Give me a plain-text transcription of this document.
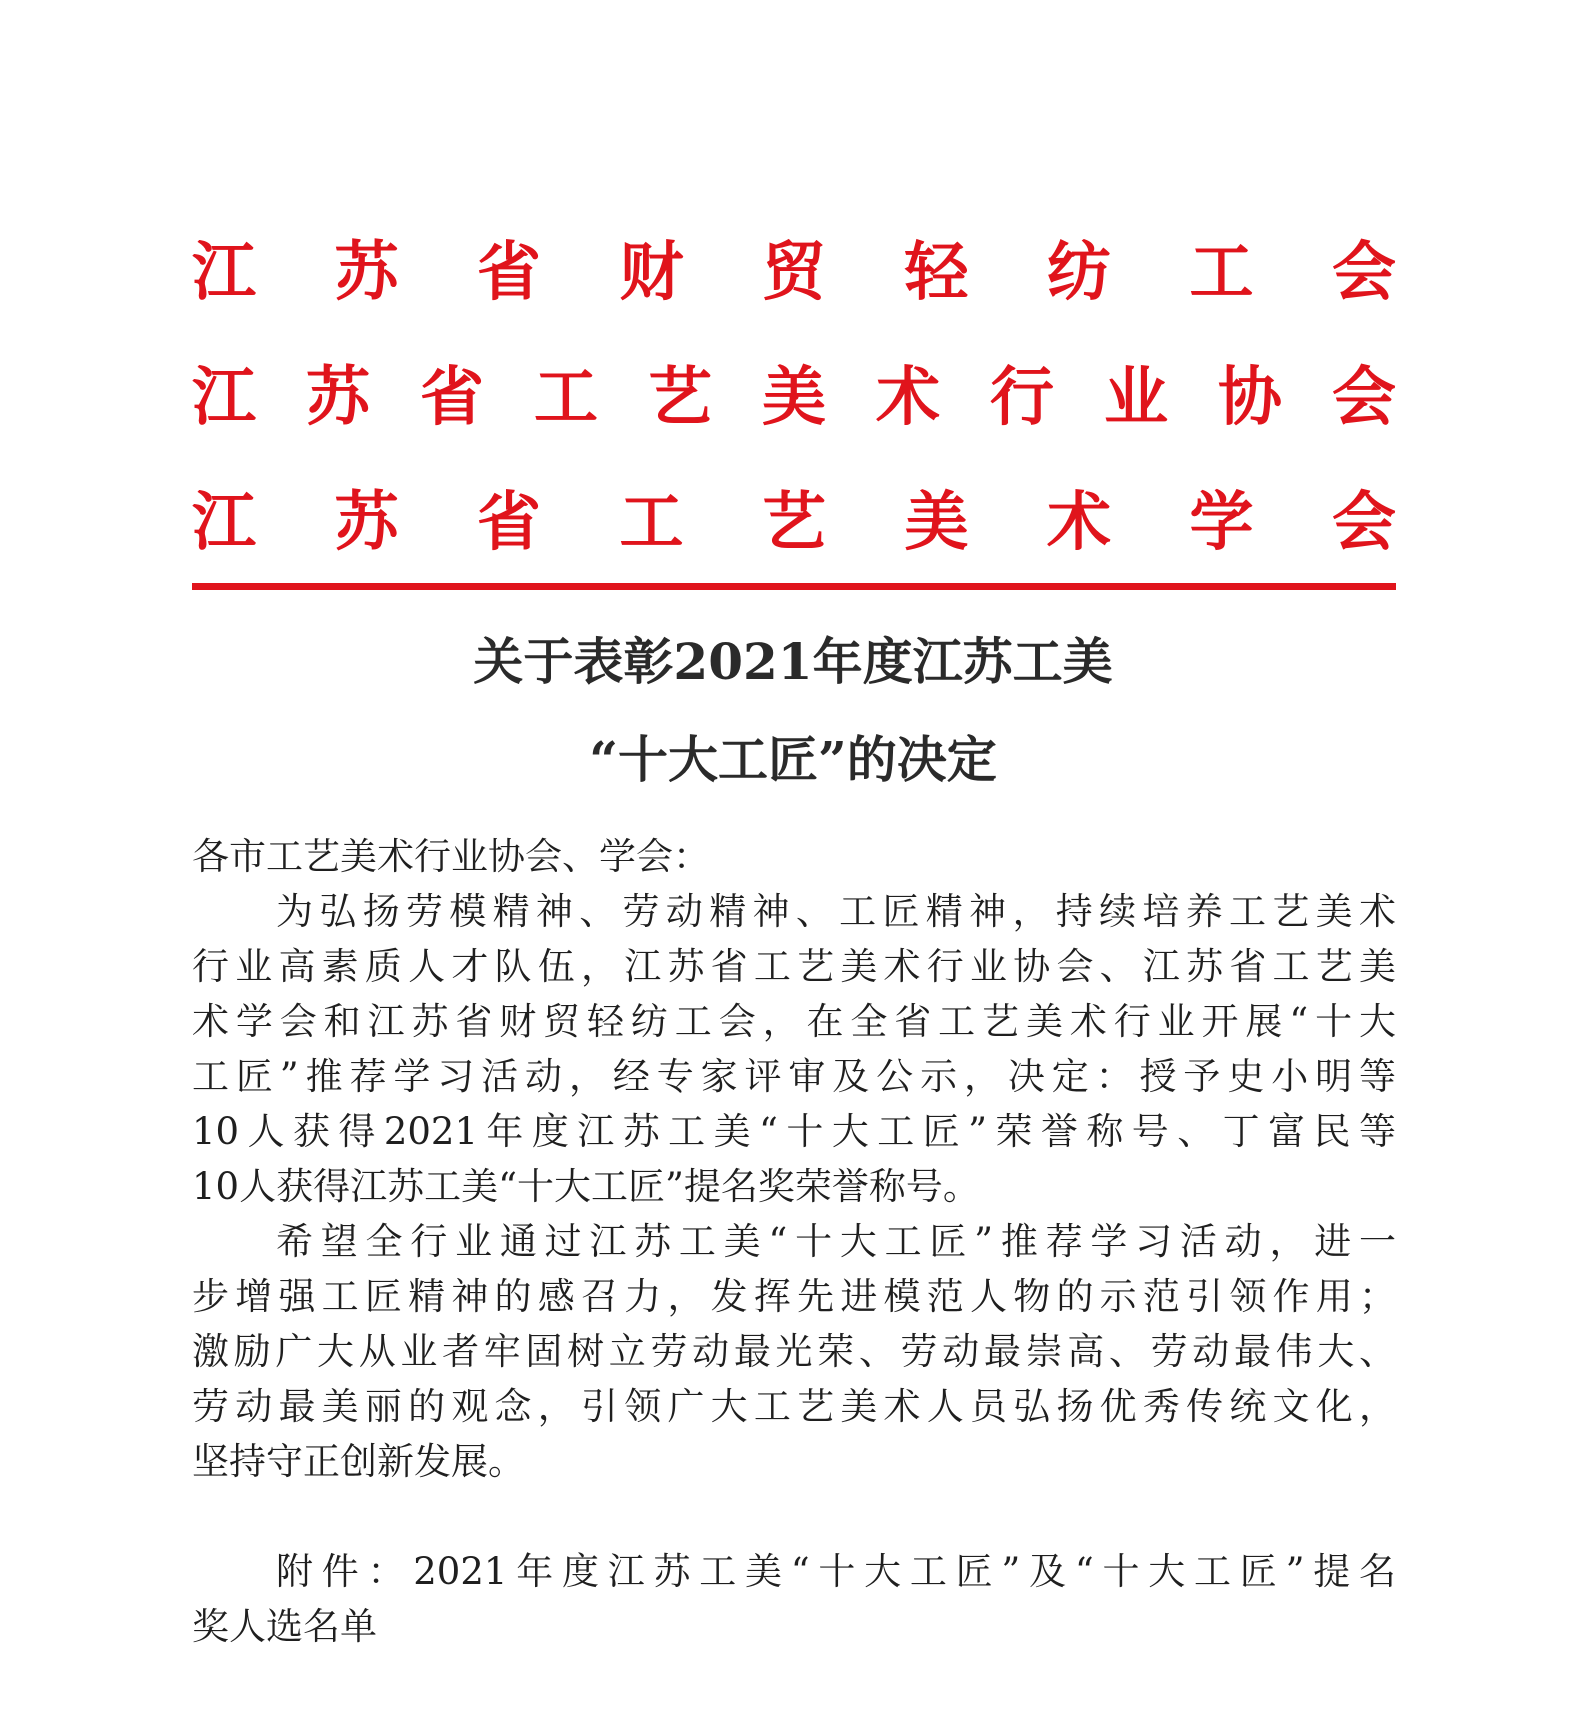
江 苏 省 财 贸 轻 纺 工 会
江 苏 省 工 艺 美 术 行 业 协 会
江 苏 省 工 艺 美 术 学 会
关于表彰2021年度江苏工美
“十大工匠”的决定
各市工艺美术行业协会、学会：
为弘扬劳模精神、劳动精神、工匠精神，持续培养工艺美术
行业高素质人才队伍，江苏省工艺美术行业协会、江苏省工艺美
术学会和江苏省财贸轻纺工会，在全省工艺美术行业开展“十大
工匠”推荐学习活动，经专家评审及公示，决定：授予史小明等
10人获得2021年度江苏工美“十大工匠”荣誉称号、丁富民等
10人获得江苏工美“十大工匠”提名奖荣誉称号。
希望全行业通过江苏工美“十大工匠”推荐学习活动，进一
步增强工匠精神的感召力，发挥先进模范人物的示范引领作用；
激励广大从业者牢固树立劳动最光荣、劳动最崇高、劳动最伟大、
劳动最美丽的观念，引领广大工艺美术人员弘扬优秀传统文化，
坚持守正创新发展。
附件：2021年度江苏工美“十大工匠”及“十大工匠”提名
奖人选名单
